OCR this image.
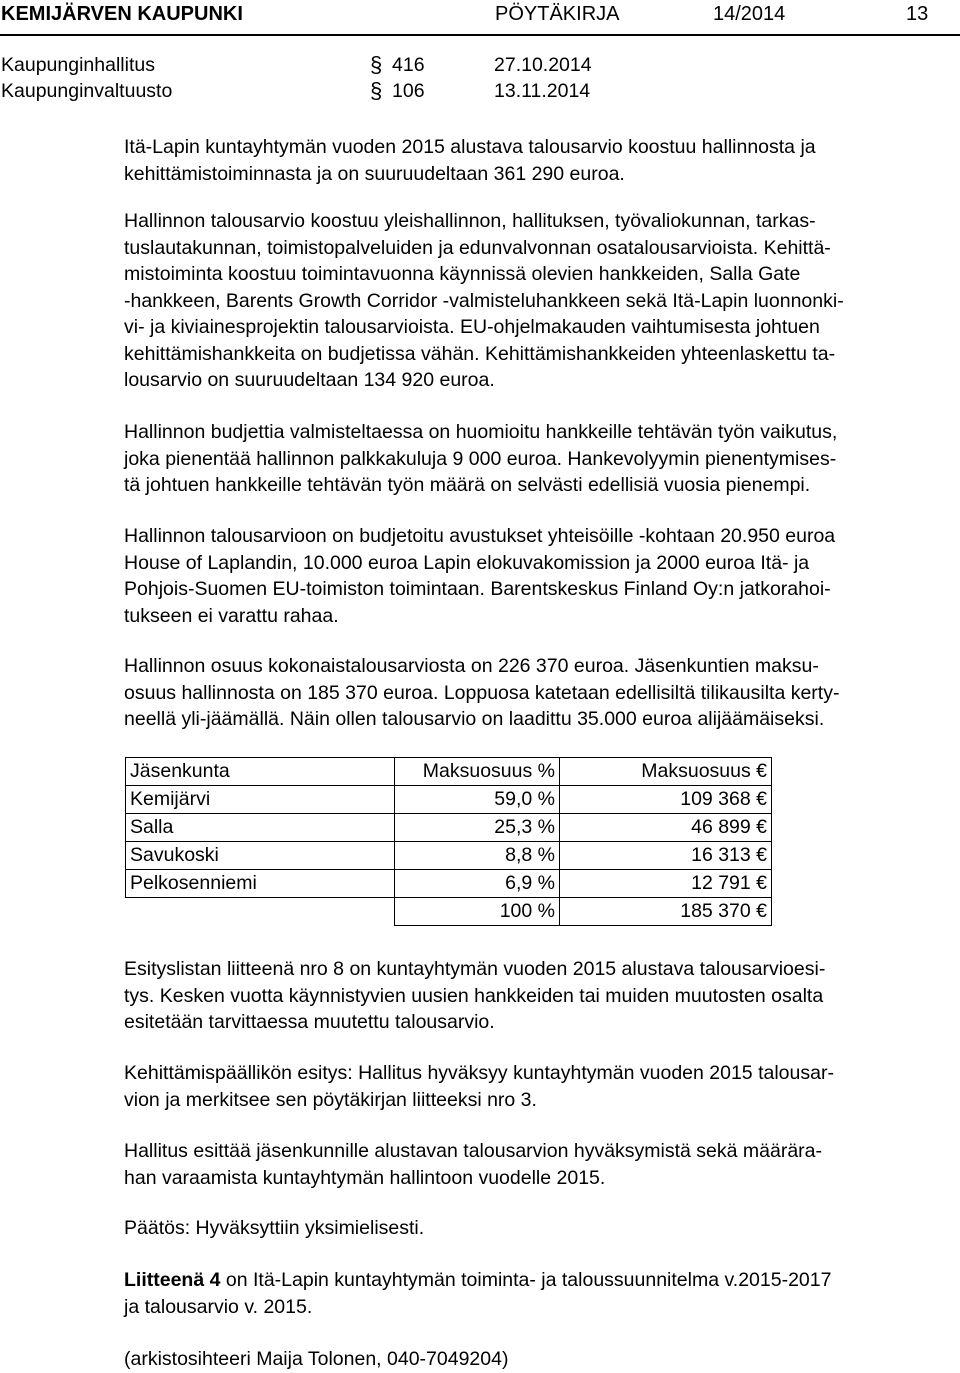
KEMIJÄRVEN KAUPUNKI	PÖYTÄKIRJA	14/2014	13
Kaupunginhallitus	§ 416	27.10.2014
Kaupunginvaltuusto	§ 106	13.11.2014
Itä-Lapin kuntayhtymän vuoden 2015 alustava talousarvio koostuu hallinnosta ja
kehittämistoiminnasta ja on suuruudeltaan 361 290 euroa.
Hallinnon talousarvio koostuu yleishallinnon, hallituksen, työvaliokunnan, tarkas-
tuslautakunnan, toimistopalveluiden ja edunvalvonnan osatalousarvioista. Kehittä-
mistoiminta koostuu toimintavuonna käynnissä olevien hankkeiden, Salla Gate
-hankkeen, Barents Growth Corridor -valmisteluhankkeen sekä Itä-Lapin luonnonki-
vi- ja kiviainesprojektin talousarvioista. EU-ohjelmakauden vaihtumisesta johtuen
kehittämishankkeita on budjetissa vähän. Kehittämishankkeiden yhteenlaskettu ta-
lousarvio on suuruudeltaan 134 920 euroa.
Hallinnon budjettia valmisteltaessa on huomioitu hankkeille tehtävän työn vaikutus,
joka pienentää hallinnon palkkakuluja 9 000 euroa. Hankevolyymin pienentymises-
tä johtuen hankkeille tehtävän työn määrä on selvästi edellisiä vuosia pienempi.
Hallinnon talousarvioon on budjetoitu avustukset yhteisöille -kohtaan 20.950 euroa
House of Laplandin, 10.000 euroa Lapin elokuvakomission ja 2000 euroa Itä- ja
Pohjois-Suomen EU-toimiston toimintaan. Barentskeskus Finland Oy:n jatkorahoi-
tukseen ei varattu rahaa.
Hallinnon osuus kokonaistalousarviosta on 226 370 euroa. Jäsenkuntien maksu-
osuus hallinnosta on 185 370 euroa. Loppuosa katetaan edellisiltä tilikausilta kerty-
neellä yli-jäämällä. Näin ollen talousarvio on laadittu 35.000 euroa alijäämäiseksi.
Jäsenkunta	Maksuosuus %	Maksuosuus €
Kemijärvi	59,0 %	109 368 €
Salla	25,3 %	46 899 €
Savukoski	8,8 %	16 313 €
Pelkosenniemi	6,9 %	12 791 €
	100 %	185 370 €
Esityslistan liitteenä nro 8 on kuntayhtymän vuoden 2015 alustava talousarvioesi-
tys. Kesken vuotta käynnistyvien uusien hankkeiden tai muiden muutosten osalta
esitetään tarvittaessa muutettu talousarvio.
Kehittämispäällikön esitys: Hallitus hyväksyy kuntayhtymän vuoden 2015 talousar-
vion ja merkitsee sen pöytäkirjan liitteeksi nro 3.
Hallitus esittää jäsenkunnille alustavan talousarvion hyväksymistä sekä määrära-
han varaamista kuntayhtymän hallintoon vuodelle 2015.
Päätös: Hyväksyttiin yksimielisesti.
Liitteenä 4 on Itä-Lapin kuntayhtymän toiminta- ja taloussuunnitelma v.2015-2017
ja talousarvio v. 2015.
(arkistosihteeri Maija Tolonen, 040-7049204)
